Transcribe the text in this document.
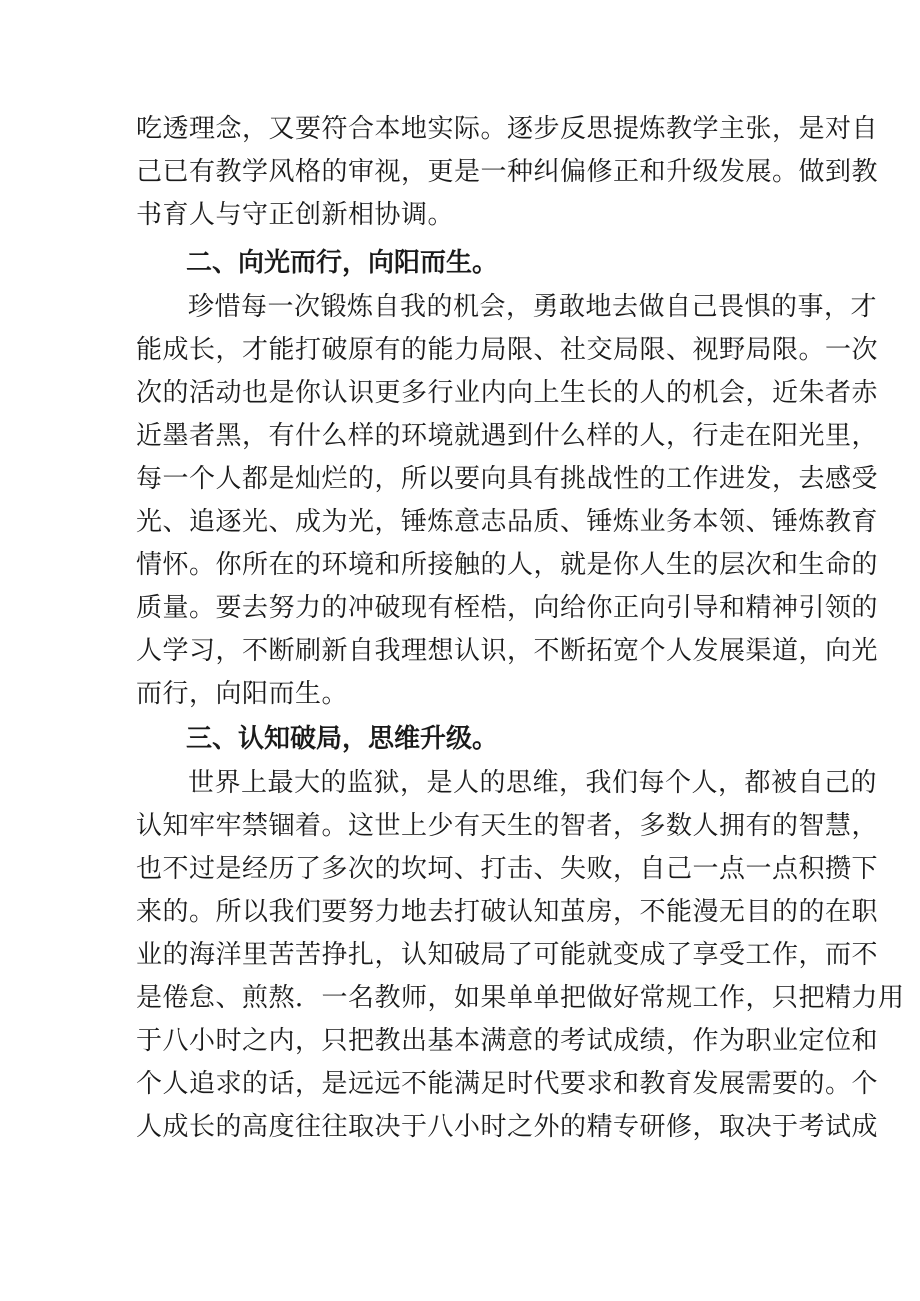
吃透理念，又要符合本地实际。逐步反思提炼教学主张，是对自
己已有教学风格的审视，更是一种纠偏修正和升级发展。做到教
书育人与守正创新相协调。
二、向光而行，向阳而生。
珍惜每一次锻炼自我的机会，勇敢地去做自己畏惧的事，才
能成长，才能打破原有的能力局限、社交局限、视野局限。一次
次的活动也是你认识更多行业内向上生长的人的机会，近朱者赤
近墨者黑，有什么样的环境就遇到什么样的人，行走在阳光里，
每一个人都是灿烂的，所以要向具有挑战性的工作进发，去感受
光、追逐光、成为光，锤炼意志品质、锤炼业务本领、锤炼教育
情怀。你所在的环境和所接触的人，就是你人生的层次和生命的
质量。要去努力的冲破现有桎梏，向给你正向引导和精神引领的
人学习，不断刷新自我理想认识，不断拓宽个人发展渠道，向光
而行，向阳而生。
三、认知破局，思维升级。
世界上最大的监狱，是人的思维，我们每个人，都被自己的
认知牢牢禁锢着。这世上少有天生的智者，多数人拥有的智慧，
也不过是经历了多次的坎坷、打击、失败，自己一点一点积攒下
来的。所以我们要努力地去打破认知茧房，不能漫无目的的在职
业的海洋里苦苦挣扎，认知破局了可能就变成了享受工作，而不
是倦怠、煎熬．一名教师，如果单单把做好常规工作，只把精力用
于八小时之内，只把教出基本满意的考试成绩，作为职业定位和
个人追求的话，是远远不能满足时代要求和教育发展需要的。个
人成长的高度往往取决于八小时之外的精专研修，取决于考试成
